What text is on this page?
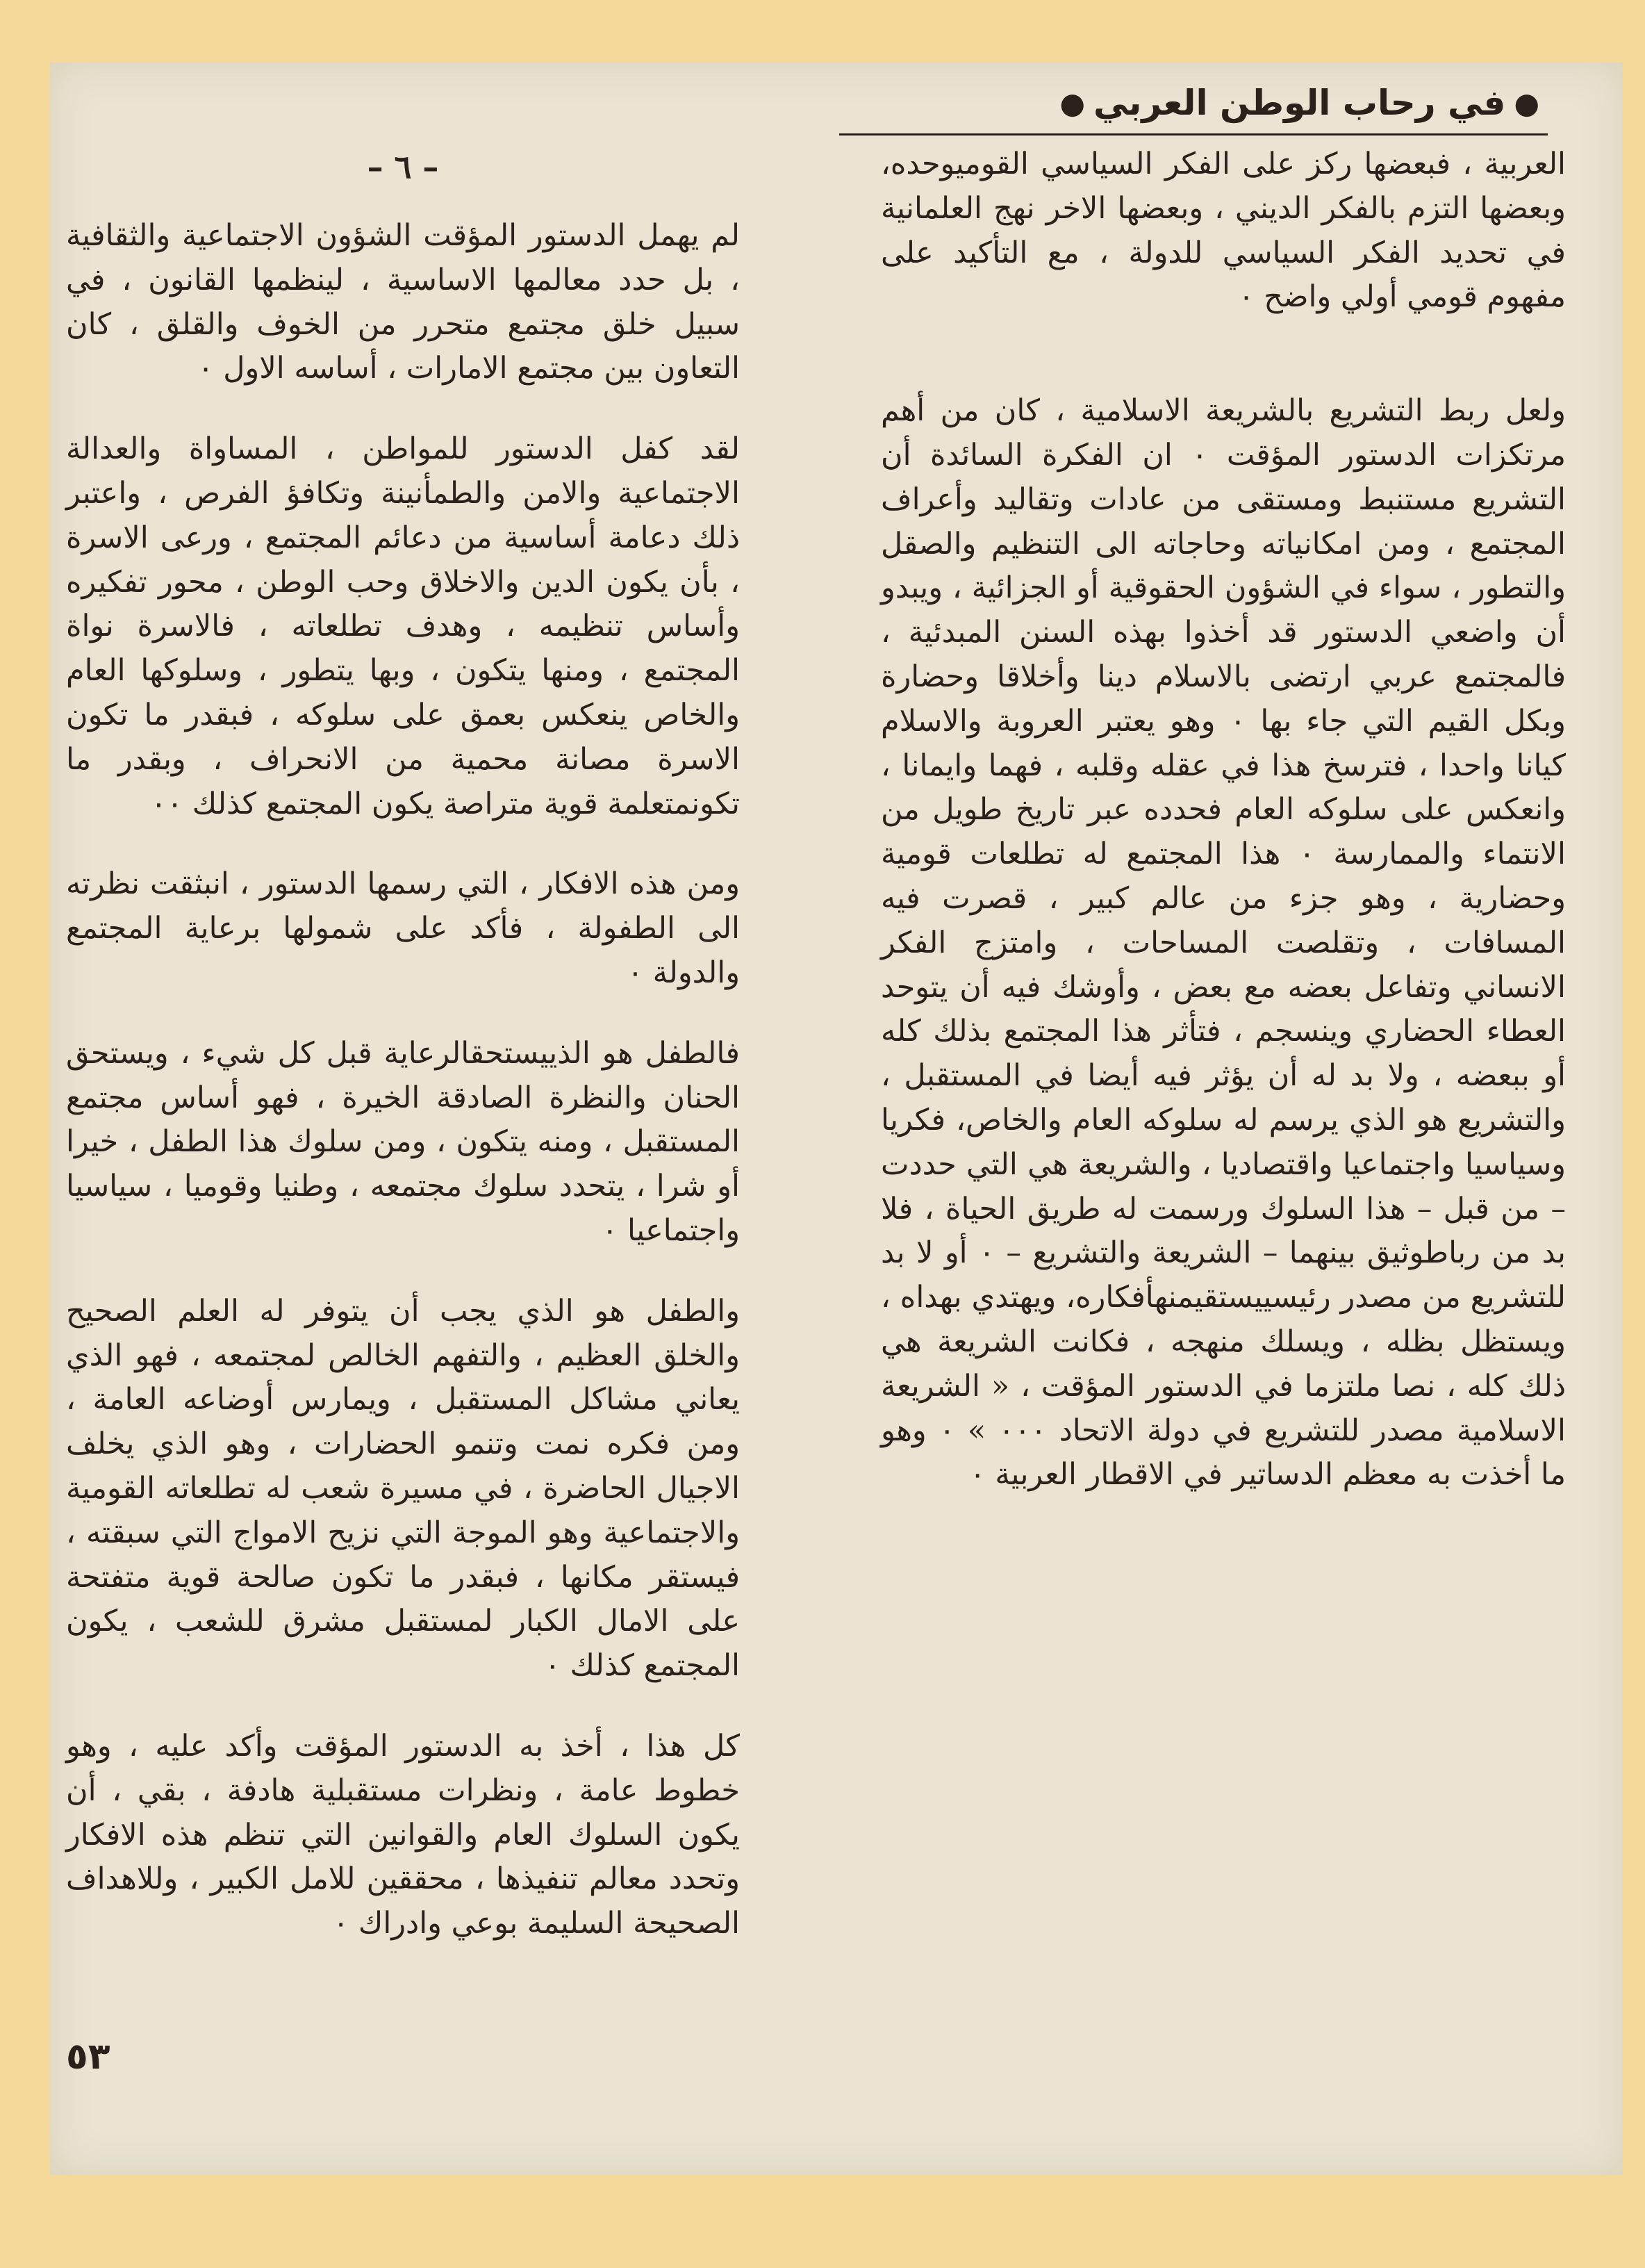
●
في رحاب الوطن العربي
●

العربية ، فبعضها ركز على الفكر السياسي القوميوحده، وبعضها التزم بالفكر الديني ، وبعضها الاخر نهج العلمانية في تحديد الفكر السياسي للدولة ، مع التأكيد على مفهوم قومي أولي واضح ٠

ولعل ربط التشريع بالشريعة الاسلامية ، كان من أهم مرتكزات الدستور المؤقت ٠ ان الفكرة السائدة أن التشريع مستنبط ومستقى من عادات وتقاليد وأعراف المجتمع ، ومن امكانياته وحاجاته الى التنظيم والصقل والتطور ، سواء في الشؤون الحقوقية أو الجزائية ، ويبدو أن واضعي الدستور قد أخذوا بهذه السنن المبدئية ، فالمجتمع عربي ارتضى بالاسلام دينا وأخلاقا وحضارة وبكل القيم التي جاء بها ٠ وهو يعتبر العروبة والاسلام كيانا واحدا ، فترسخ هذا في عقله وقلبه ، فهما وايمانا ، وانعكس على سلوكه العام فحدده عبر تاريخ طويل من الانتماء والممارسة ٠ هذا المجتمع له تطلعات قومية وحضارية ، وهو جزء من عالم كبير ، قصرت فيه المسافات ، وتقلصت المساحات ، وامتزج الفكر الانساني وتفاعل بعضه مع بعض ، وأوشك فيه أن يتوحد العطاء الحضاري وينسجم ، فتأثر هذا المجتمع بذلك كله أو ببعضه ، ولا بد له أن يؤثر فيه أيضا في المستقبل ، والتشريع هو الذي يرسم له سلوكه العام والخاص، فكريا وسياسيا واجتماعيا واقتصاديا ، والشريعة هي التي حددت – من قبل – هذا السلوك ورسمت له طريق الحياة ، فلا بد من رباطوثيق بينهما – الشريعة والتشريع – ٠ أو لا بد للتشريع من مصدر رئيسييستقيمنهأفكاره، ويهتدي بهداه ، ويستظل بظله ، ويسلك منهجه ، فكانت الشريعة هي ذلك كله ، نصا ملتزما في الدستور المؤقت ، « الشريعة الاسلامية مصدر للتشريع في دولة الاتحاد ٠٠٠ » ٠ وهو ما أخذت به معظم الدساتير في الاقطار العربية ٠

– ٦ –

لم يهمل الدستور المؤقت الشؤون الاجتماعية والثقافية ، بل حدد معالمها الاساسية ، لينظمها القانون ، في سبيل خلق مجتمع متحرر من الخوف والقلق ، كان التعاون بين مجتمع الامارات ، أساسه الاول ٠

لقد كفل الدستور للمواطن ، المساواة والعدالة الاجتماعية والامن والطمأنينة وتكافؤ الفرص ، واعتبر ذلك دعامة أساسية من دعائم المجتمع ، ورعى الاسرة ، بأن يكون الدين والاخلاق وحب الوطن ، محور تفكيره وأساس تنظيمه ، وهدف تطلعاته ، فالاسرة نواة المجتمع ، ومنها يتكون ، وبها يتطور ، وسلوكها العام والخاص ينعكس بعمق على سلوكه ، فبقدر ما تكون الاسرة مصانة محمية من الانحراف ، وبقدر ما تكونمتعلمة قوية متراصة يكون المجتمع كذلك ٠٠

ومن هذه الافكار ، التي رسمها الدستور ، انبثقت نظرته الى الطفولة ، فأكد على شمولها برعاية المجتمع والدولة ٠

فالطفل هو الذييستحقالرعاية قبل كل شيء ، ويستحق الحنان والنظرة الصادقة الخيرة ، فهو أساس مجتمع المستقبل ، ومنه يتكون ، ومن سلوك هذا الطفل ، خيرا أو شرا ، يتحدد سلوك مجتمعه ، وطنيا وقوميا ، سياسيا واجتماعيا ٠

والطفل هو الذي يجب أن يتوفر له العلم الصحيح والخلق العظيم ، والتفهم الخالص لمجتمعه ، فهو الذي يعاني مشاكل المستقبل ، ويمارس أوضاعه العامة ، ومن فكره نمت وتنمو الحضارات ، وهو الذي يخلف الاجيال الحاضرة ، في مسيرة شعب له تطلعاته القومية والاجتماعية وهو الموجة التي نزيح الامواج التي سبقته ، فيستقر مكانها ، فبقدر ما تكون صالحة قوية متفتحة على الامال الكبار لمستقبل مشرق للشعب ، يكون المجتمع كذلك ٠

كل هذا ، أخذ به الدستور المؤقت وأكد عليه ، وهو خطوط عامة ، ونظرات مستقبلية هادفة ، بقي ، أن يكون السلوك العام والقوانين التي تنظم هذه الافكار وتحدد معالم تنفيذها ، محققين للامل الكبير ، وللاهداف الصحيحة السليمة بوعي وادراك ٠

٥٣
